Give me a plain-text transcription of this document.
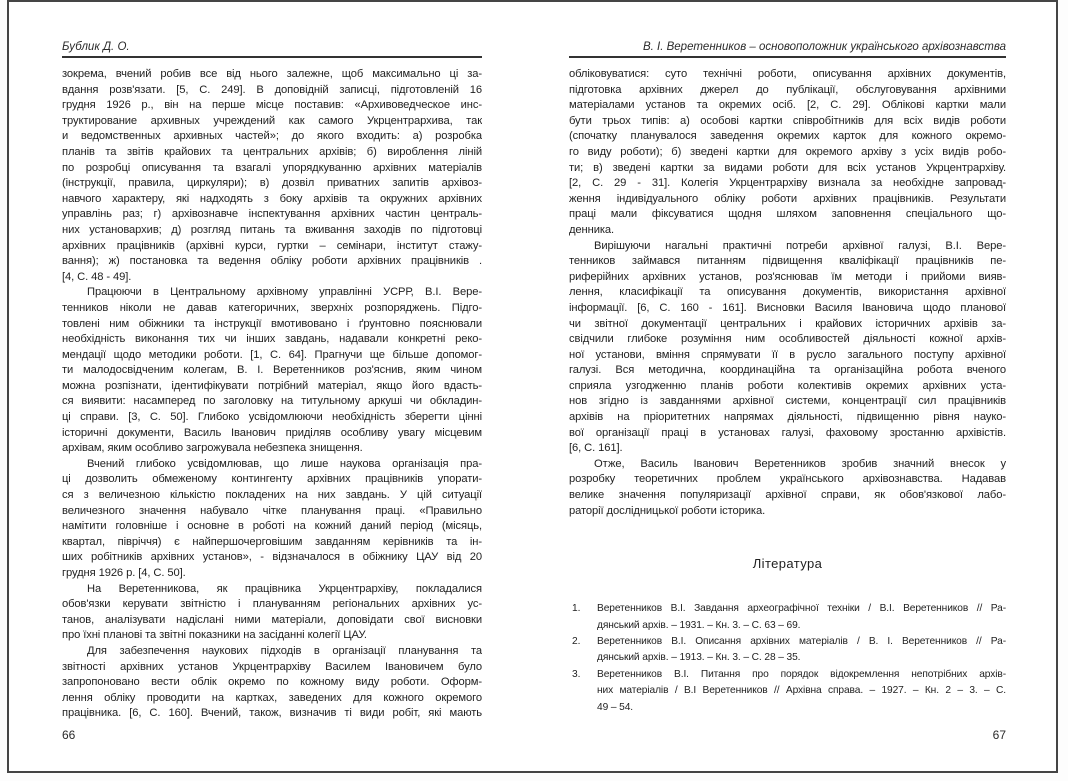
Бублик Д. О.
зокрема, вчений робив все від нього залежне, щоб максимально ці за-
вдання розв'язати. [5, С. 249]. В доповідній записці, підготовленій 16
грудня 1926 р., він на перше місце поставив: «Архивоведческое инс-
труктирование архивных учреждений как самого Укрцентрархива, так
и ведомственных архивных частей»; до якого входить: а) розробка
планів та звітів крайових та центральних архівів; б) вироблення ліній
по розробці описування та взагалі упорядкуванню архівних матеріалів
(інструкції, правила, циркуляри); в) дозвіл приватних запитів архівоз-
навчого характеру, які надходять з боку архівів та окружних архівних
управлінь раз; г) архівознавче інспектування архівних частин централь-
них установархив; д) розгляд питань та вживання заходів по підготовці
архівних працівників (архівні курси, гуртки – семінари, інститут стажу-
вання); ж) постановка та ведення обліку роботи архівних працівників .
[4, С. 48 - 49].
Працюючи в Центральному архівному управлінні УСРР, В.І. Вере-
тенников ніколи не давав категоричних, зверхніх розпоряджень. Підго-
товлені ним обіжники та інструкції вмотивовано і ґрунтовно пояснювали
необхідність виконання тих чи інших завдань, надавали конкретні реко-
мендації щодо методики роботи. [1, С. 64]. Прагнучи ще більше допомог-
ти малодосвідченим колегам, В. І. Веретенников роз'яснив, яким чином
можна розпізнати, ідентифікувати потрібний матеріал, якщо його вдасть-
ся виявити: насамперед по заголовку на титульному аркуші чи обкладин-
ці справи. [3, С. 50]. Глибоко усвідомлюючи необхідність зберегти цінні
історичні документи, Василь Іванович приділяв особливу увагу місцевим
архівам, яким особливо загрожувала небезпека знищення.
Вчений глибоко усвідомлював, що лише наукова організація пра-
ці дозволить обмеженому контингенту архівних працівників упорати-
ся з величезною кількістю покладених на них завдань. У цій ситуації
величезного значення набувало чітке планування праці. «Правильно
намітити головніше і основне в роботі на кожний даний період (місяць,
квартал, півріччя) є найпершочерговішим завданням керівників та ін-
ших робітників архівних установ», - відзначалося в обіжнику ЦАУ від 20
грудня 1926 р. [4, С. 50].
На Веретенникова, як працівника Укрцентрархіву, покладалися
обов'язки керувати звітністю і плануванням регіональних архівних ус-
танов, аналізувати надіслані ними матеріали, доповідати свої висновки
про їхні планові та звітні показники на засіданні колегії ЦАУ.
Для забезпечення наукових підходів в організації планування та
звітності архівних установ Укрцентрархіву Василем Івановичем було
запропоновано вести облік окремо по кожному виду роботи. Оформ-
лення обліку проводити на картках, заведених для кожного окремого
працівника. [6, С. 160]. Вчений, також, визначив ті види робіт, які мають
В. І. Веретенников – основоположник українського архівознавства
обліковуватися: суто технічні роботи, описування архівних документів,
підготовка архівних джерел до публікації, обслуговування архівними
матеріалами установ та окремих осіб. [2, С. 29]. Облікові картки мали
бути трьох типів: а) особові картки співробітників для всіх видів роботи
(спочатку планувалося заведення окремих карток для кожного окремо-
го виду роботи); б) зведені картки для окремого архіву з усіх видів робо-
ти; в) зведені картки за видами роботи для всіх установ Укрцентрархіву.
[2, С. 29 - 31]. Колегія Укрцентрархіву визнала за необхідне запровад-
ження індивідуального обліку роботи архівних працівників. Результати
праці мали фіксуватися щодня шляхом заповнення спеціального що-
денника.
Вирішуючи нагальні практичні потреби архівної галузі, В.І. Вере-
тенников займався питанням підвищення кваліфікації працівників пе-
риферійних архівних установ, роз'яснював їм методи і прийоми вияв-
лення, класифікації та описування документів, використання архівної
інформації. [6, С. 160 - 161]. Висновки Василя Івановича щодо планової
чи звітної документації центральних і крайових історичних архівів за-
свідчили глибоке розуміння ним особливостей діяльності кожної архів-
ної установи, вміння спрямувати її в русло загального поступу архівної
галузі. Вся методична, координаційна та організаційна робота вченого
сприяла узгодженню планів роботи колективів окремих архівних уста-
нов згідно із завданнями архівної системи, концентрації сил працівників
архівів на пріоритетних напрямах діяльності, підвищенню рівня науко-
вої організації праці в установах галузі, фаховому зростанню архівістів.
[6, С. 161].
Отже, Василь Іванович Веретенников зробив значний внесок у
розробку теоретичних проблем українського архівознавства. Надавав
велике значення популяризації архівної справи, як обов'язкової лабо-
раторії дослідницької роботи історика.
Література
1. Веретенников В.І. Завдання археографічної техніки / В.І. Веретенников // Ра-
дянський архів. – 1931. – Кн. 3. – С. 63 – 69.
2. Веретенников В.І. Описання архівних матеріалів / В. І. Веретенников // Ра-
дянський архів. – 1913. – Кн. 3. – С. 28 – 35.
3. Веретенников В.І. Питання про порядок відокремлення непотрібних архів-
них матеріалів / В.І Веретенников // Архівна справа. – 1927. – Кн. 2 – 3. – С.
49 – 54.
66	67
